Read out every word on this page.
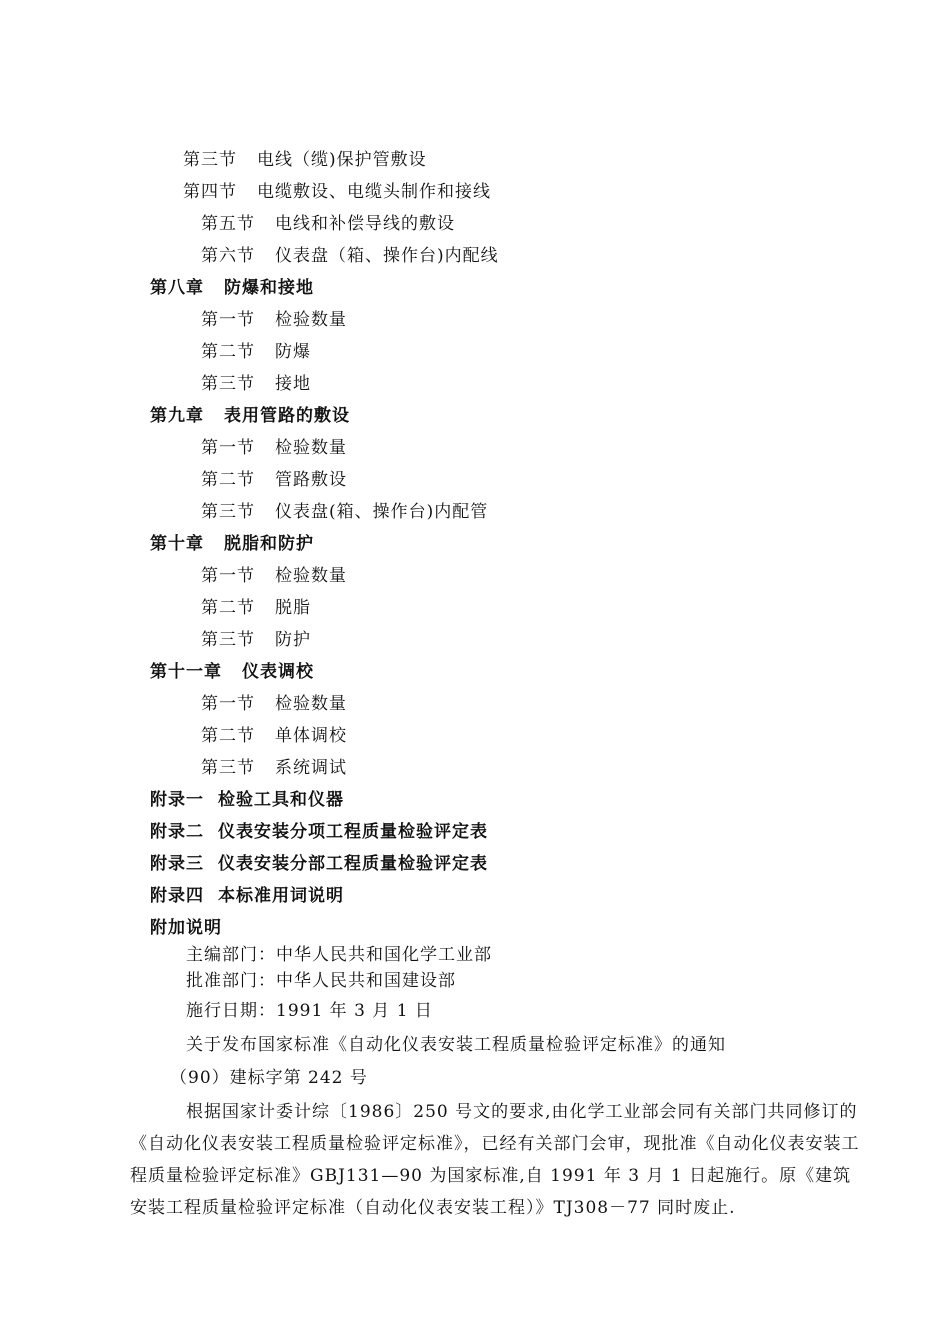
第三节 电线（缆)保护管敷设
第四节 电缆敷设、电缆头制作和接线
第五节 电线和补偿导线的敷设
第六节 仪表盘（箱、操作台)内配线
第八章 防爆和接地
第一节 检验数量
第二节 防爆
第三节 接地
第九章 表用管路的敷设
第一节 检验数量
第二节 管路敷设
第三节 仪表盘(箱、操作台)内配管
第十章 脱脂和防护
第一节 检验数量
第二节 脱脂
第三节 防护
第十一章 仪表调校
第一节 检验数量
第二节 单体调校
第三节 系统调试
附录一 检验工具和仪器
附录二 仪表安装分项工程质量检验评定表
附录三 仪表安装分部工程质量检验评定表
附录四 本标准用词说明
附加说明
主编部门：中华人民共和国化学工业部
批准部门：中华人民共和国建设部
施行日期：1991 年 3 月 1 日
关于发布国家标准《自动化仪表安装工程质量检验评定标准》的通知
（90）建标字第 242 号
根据国家计委计综〔1986〕250 号文的要求,由化学工业部会同有关部门共同修订的《自动化仪表安装工程质量检验评定标准》，已经有关部门会审，现批准《自动化仪表安装工程质量检验评定标准》GBJ131—90 为国家标准,自 1991 年 3 月 1 日起施行。原《建筑安装工程质量检验评定标准（自动化仪表安装工程）》TJ308－77 同时废止.
